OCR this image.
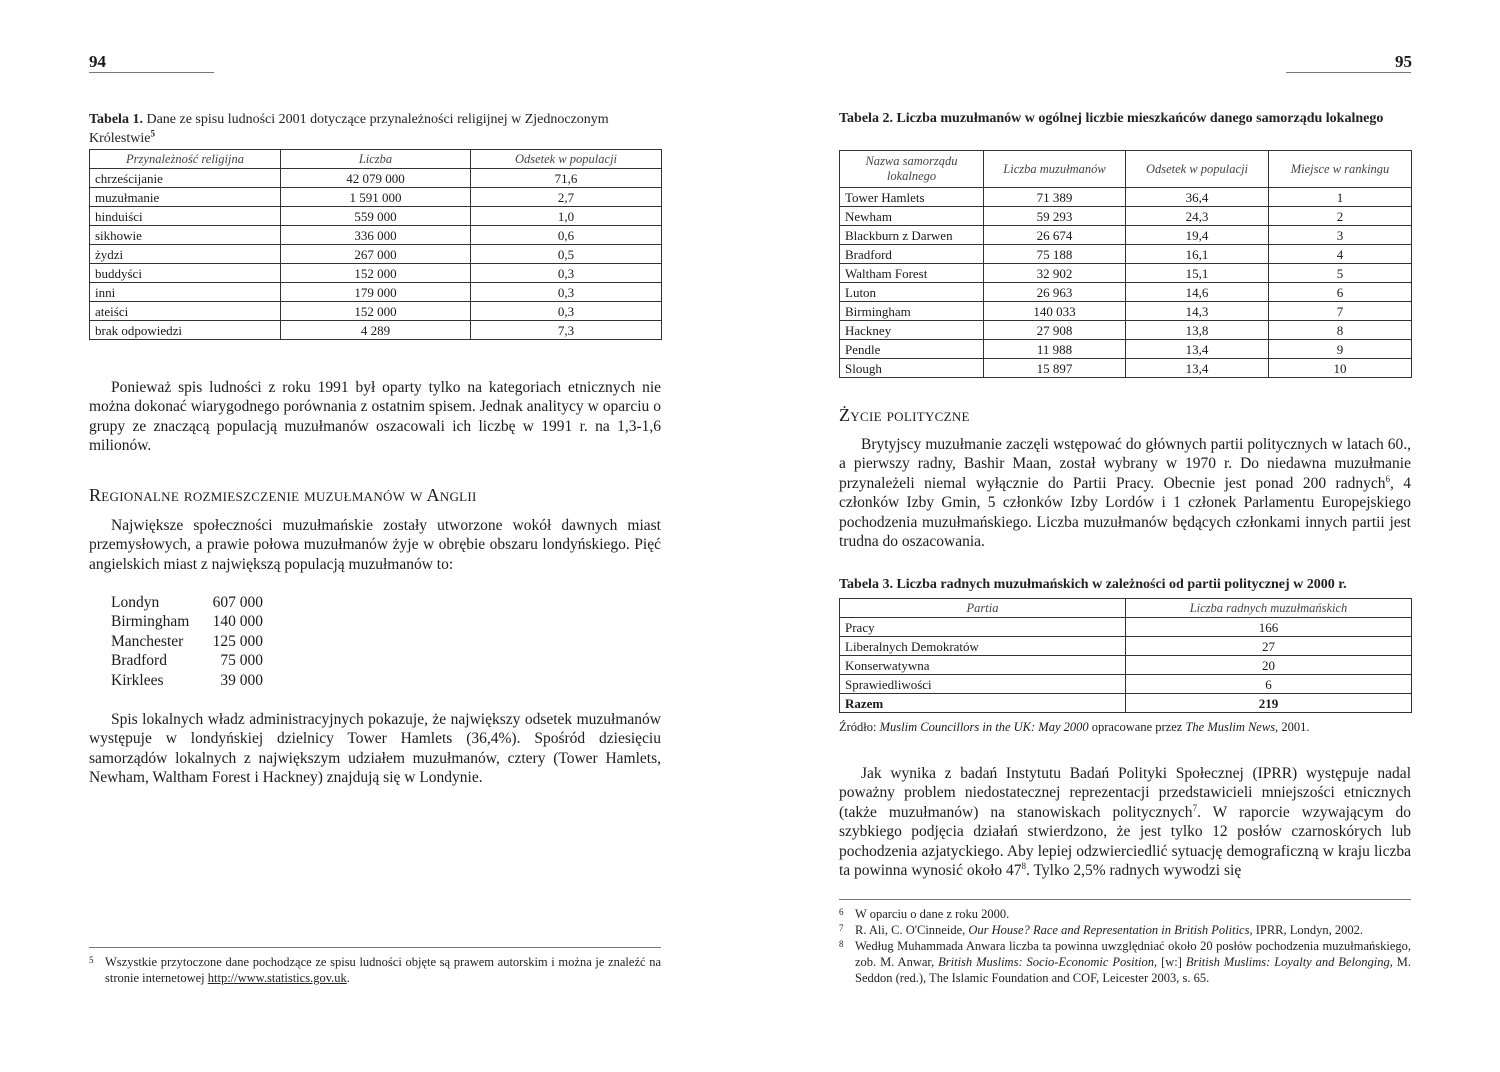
94
Tabela 1. Dane ze spisu ludności 2001 dotyczące przynależności religijnej w Zjednoczonym Królestwie$^5$
Przynależność religijna	Liczba	Odsetek w populacji
chrześcijanie	42 079 000	71,6
muzułmanie	1 591 000	2,7
hinduiści	559 000	1,0
sikhowie	336 000	0,6
żydzi	267 000	0,5
buddyści	152 000	0,3
inni	179 000	0,3
ateiści	152 000	0,3
brak odpowiedzi	4 289	7,3

Ponieważ spis ludności z roku 1991 był oparty tylko na kategoriach etnicznych nie można dokonać wiarygodnego porównania z ostatnim spisem. Jednak analitycy w oparciu o grupy ze znaczącą populacją muzułmanów oszacowali ich liczbę w 1991 r. na 1,3-1,6 milionów.

Regionalne rozmieszczenie muzułmanów w Anglii

Największe społeczności muzułmańskie zostały utworzone wokół dawnych miast przemysłowych, a prawie połowa muzułmanów żyje w obrębie obszaru londyńskiego. Pięć angielskich miast z największą populacją muzułmanów to:

Londyn	607 000
Birmingham	140 000
Manchester	125 000
Bradford	75 000
Kirklees	39 000

Spis lokalnych władz administracyjnych pokazuje, że największy odsetek muzułmanów występuje w londyńskiej dzielnicy Tower Hamlets (36,4%). Spośród dziesięciu samorządów lokalnych z największym udziałem muzułmanów, cztery (Tower Hamlets, Newham, Waltham Forest i Hackney) znajdują się w Londynie.

5 Wszystkie przytoczone dane pochodzące ze spisu ludności objęte są prawem autorskim i można je znaleźć na stronie internetowej http://www.statistics.gov.uk.
95
Tabela 2. Liczba muzułmanów w ogólnej liczbie mieszkańców danego samorządu lokalnego
Nazwa samorządu lokalnego	Liczba muzułmanów	Odsetek w populacji	Miejsce w rankingu
Tower Hamlets	71 389	36,4	1
Newham	59 293	24,3	2
Blackburn z Darwen	26 674	19,4	3
Bradford	75 188	16,1	4
Waltham Forest	32 902	15,1	5
Luton	26 963	14,6	6
Birmingham	140 033	14,3	7
Hackney	27 908	13,8	8
Pendle	11 988	13,4	9
Slough	15 897	13,4	10
Życie polityczne

Brytyjscy muzułmanie zaczęli wstępować do głównych partii politycznych w latach 60., a pierwszy radny, Bashir Maan, został wybrany w 1970 r. Do niedawna muzułmanie przynależeli niemal wyłącznie do Partii Pracy. Obecnie jest ponad 200 radnych$^6$, 4 członków Izby Gmin, 5 członków Izby Lordów i 1 członek Parlamentu Europejskiego pochodzenia muzułmańskiego. Liczba muzułmanów będących członkami innych partii jest trudna do oszacowania.

Tabela 3. Liczba radnych muzułmańskich w zależności od partii politycznej w 2000 r.
Partia	Liczba radnych muzułmańskich
Pracy	166
Liberalnych Demokratów	27
Konserwatywna	20
Sprawiedliwości	6
Razem	219
Źródło: Muslim Councillors in the UK: May 2000 opracowane przez The Muslim News, 2001.

Jak wynika z badań Instytutu Badań Polityki Społecznej (IPRR) występuje nadal poważny problem niedostatecznej reprezentacji przedstawicieli mniejszości etnicznych (także muzułmanów) na stanowiskach politycznych$^7$. W raporcie wzywającym do szybkiego podjęcia działań stwierdzono, że jest tylko 12 posłów czarnoskórych lub pochodzenia azjatyckiego. Aby lepiej odzwierciedlić sytuację demograficzną w kraju liczba ta powinna wynosić około $47^8$. Tylko 2,5% radnych wywodzi się

6 W oparciu o dane z roku 2000.
7 R. Ali, C. O'Cinneide, Our House? Race and Representation in British Politics, IPRR, Londyn, 2002.
8 Według Muhammada Anwara liczba ta powinna uwzględniać około 20 posłów pochodzenia muzułmańskiego, zob. M. Anwar, British Muslims: Socio-Economic Position, [w:] British Muslims: Loyalty and Belonging, M. Seddon (red.), The Islamic Foundation and COF, Leicester 2003, s. 65.
